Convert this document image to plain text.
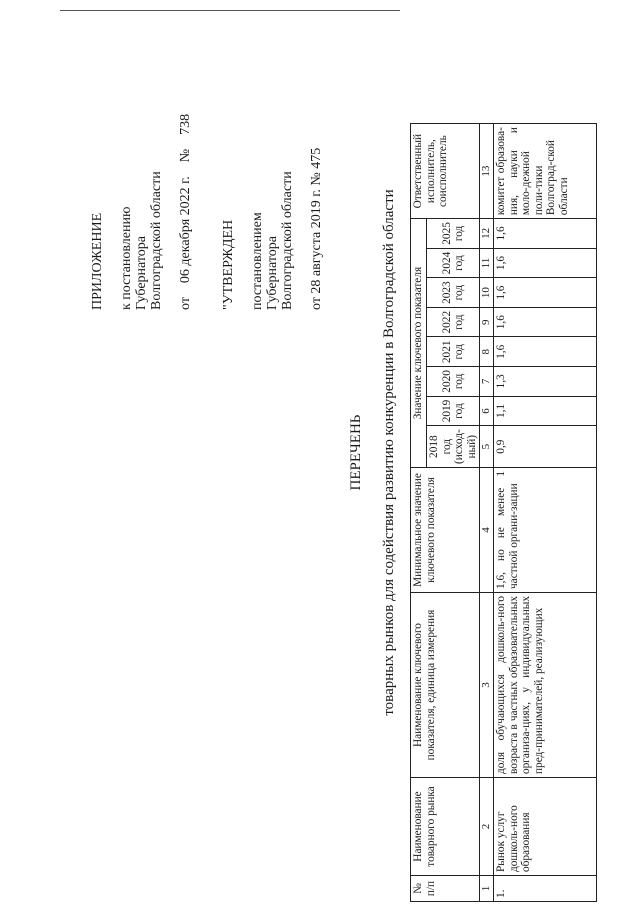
ПРИЛОЖЕНИЕ к постановлению Губернатора Волгоградской области от    06 декабря 2022 г.    №    738
"УТВЕРЖДЕН постановлением Губернатора Волгоградской области от 28 августа 2019 г. № 475
ПЕРЕЧЕНЬ товарных рынков для содействия развитию конкуренции в Волгоградской области
№ п/п	Наименование товарного рынка	Наименование ключевого показателя, единица измерения	Минимальное значение ключевого показателя	Значение ключевого показателя								Ответственный исполнитель, соисполнитель
				2018 год (исход-ный)	2019 год	2020 год	2021 год	2022 год	2023 год	2024 год	2025 год	
1	2	3	4	5	6	7	8	9	10	11	12	13
1.	Рынок услуг дошколь-ного образования	доля обучающихся дошколь-ного возраста в частных образовательных организа-циях, у индивидуальных пред-принимателей, реализующих	1,6, но не менее 1 частной органи-зации	0,9	1,1	1,3	1,6	1,6	1,6	1,6	1,6	комитет образова-ния, науки и моло-дежной поли-тики Волгоград-ской области
